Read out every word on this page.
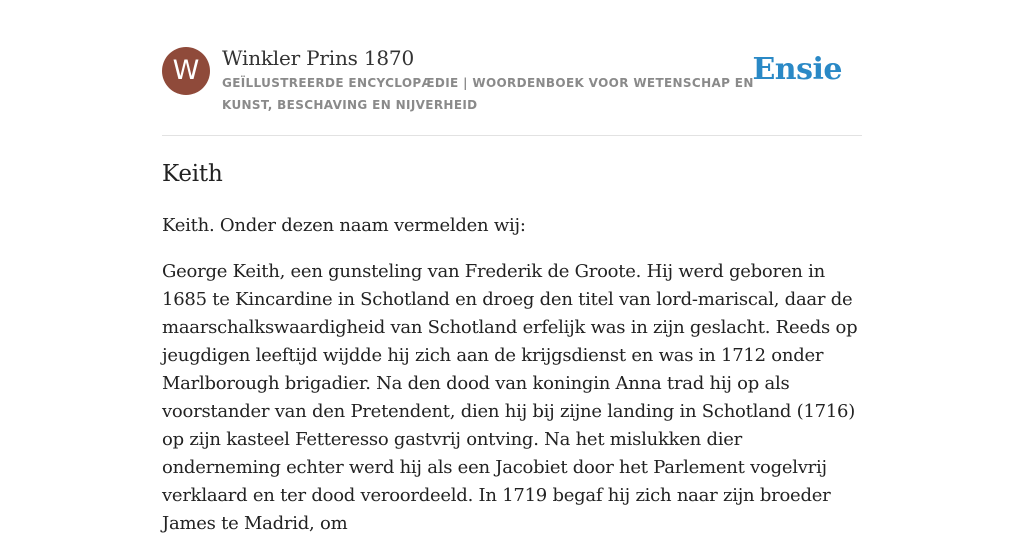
W	Winkler Prins 1870
GEÏLLUSTREERDE ENCYCLOPÆDIE | WOORDENBOEK VOOR WETENSCHAP EN KUNST, BESCHAVING EN NIJVERHEID
Ensie
Keith

Keith. Onder dezen naam vermelden wij:

George Keith, een gunsteling van Frederik de Groote. Hij werd geboren in 1685 te Kincardine in Schotland en droeg den titel van lord-mariscal, daar de maarschalkswaardigheid van Schotland erfelijk was in zijn geslacht. Reeds op jeugdigen leeftijd wijdde hij zich aan de krijgsdienst en was in 1712 onder Marlborough brigadier. Na den dood van koningin Anna trad hij op als voorstander van den Pretendent, dien hij bij zijne landing in Schotland (1716) op zijn kasteel Fetteresso gastvrij ontving. Na het mislukken dier onderneming echter werd hij als een Jacobiet door het Parlement vogelvrij verklaard en ter dood veroordeeld. In 1719 begaf hij zich naar zijn broeder James te Madrid, om
